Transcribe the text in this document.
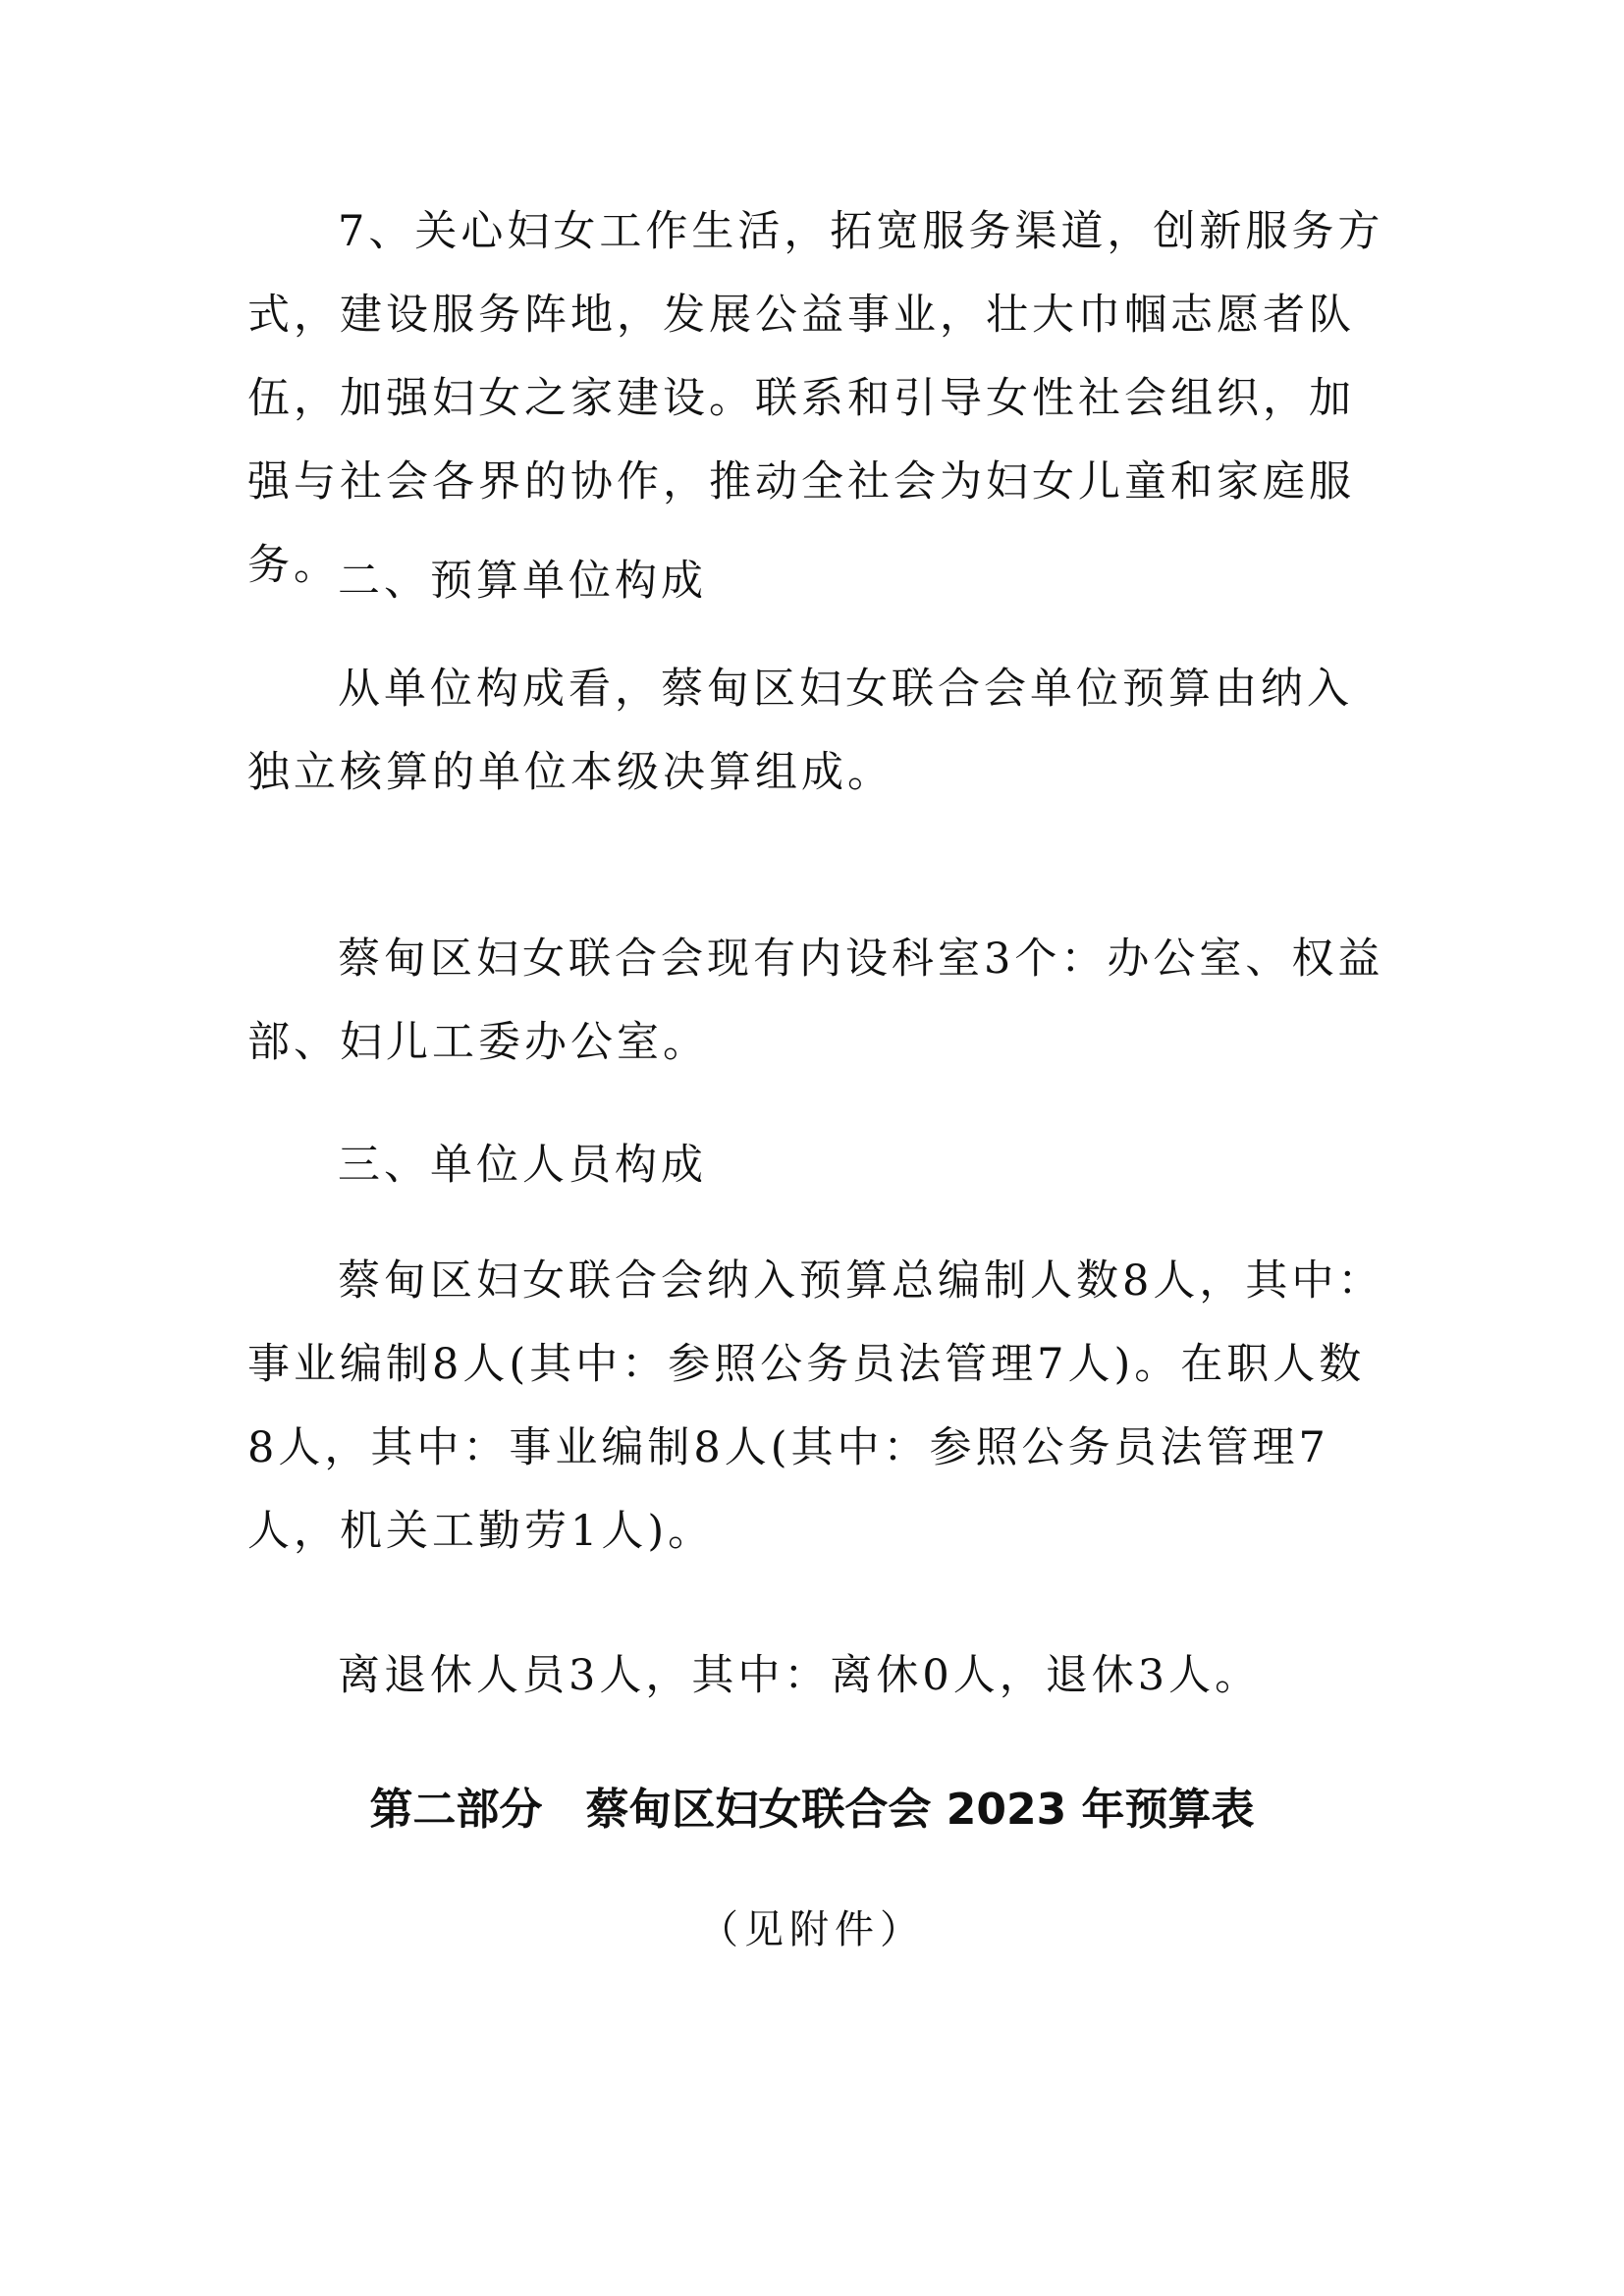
7、关心妇女工作生活，拓宽服务渠道，创新服务方式，建设服务阵地，发展公益事业，壮大巾帼志愿者队伍，加强妇女之家建设。联系和引导女性社会组织，加强与社会各界的协作，推动全社会为妇女儿童和家庭服务。

二、预算单位构成

从单位构成看，蔡甸区妇女联合会单位预算由纳入独立核算的单位本级决算组成。

蔡甸区妇女联合会现有内设科室3个：办公室、权益部、妇儿工委办公室。

三、单位人员构成

蔡甸区妇女联合会纳入预算总编制人数8人，其中：事业编制8人(其中：参照公务员法管理7人)。在职人数8人，其中：事业编制8人(其中：参照公务员法管理7人，机关工勤劳1人)。

离退休人员3人，其中：离休0人，退休3人。

第二部分　蔡甸区妇女联合会 2023 年预算表

（见附件）
